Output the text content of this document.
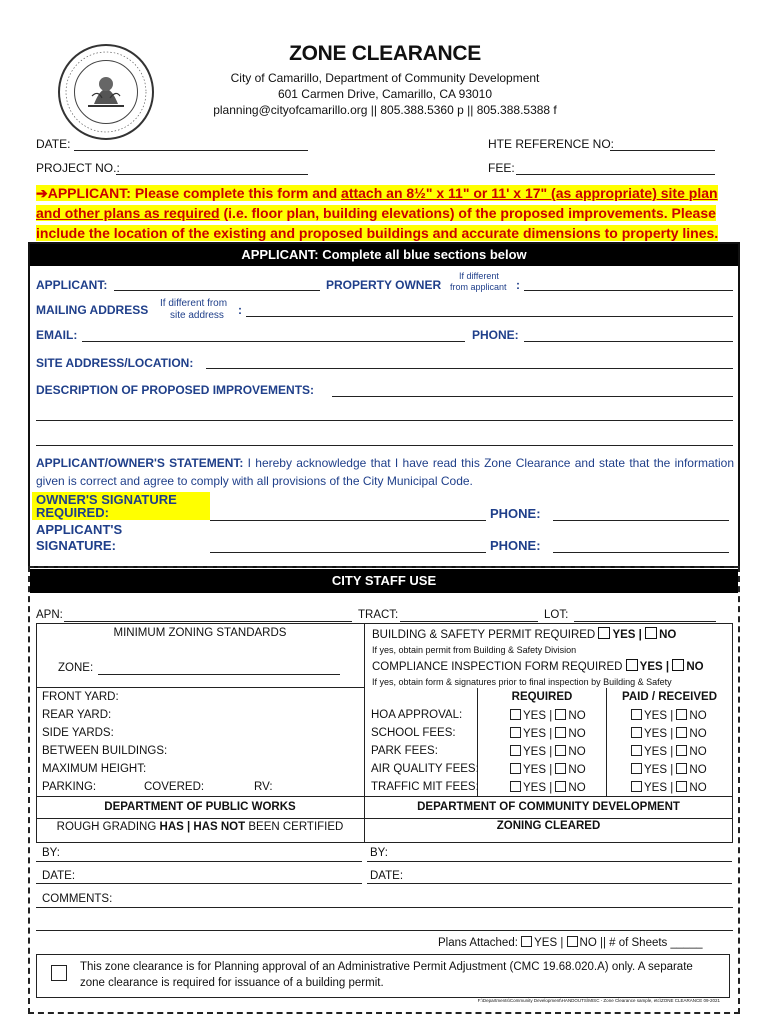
ZONE CLEARANCE
City of Camarillo, Department of Community Development
601 Carmen Drive, Camarillo, CA 93010
planning@cityofcamarillo.org || 805.388.5360 p || 805.388.5388 f
DATE:	HTE REFERENCE NO:
PROJECT NO.:	FEE:
➔APPLICANT: Please complete this form and attach an 8½" x 11" or 11' x 17" (as appropriate) site plan and other plans as required (i.e. floor plan, building elevations) of the proposed improvements. Please include the location of the existing and proposed buildings and accurate dimensions to property lines.
APPLICANT: Complete all blue sections below
APPLICANT:	PROPERTY OWNER
If different
from applicant :
MAILING ADDRESS If different from
site address :
EMAIL:	PHONE:
SITE ADDRESS/LOCATION:
DESCRIPTION OF PROPOSED IMPROVEMENTS:
APPLICANT/OWNER'S STATEMENT: I hereby acknowledge that I have read this Zone Clearance and state that the information given is correct and agree to comply with all provisions of the City Municipal Code.
OWNER'S SIGNATURE REQUIRED:	PHONE:
APPLICANT'S SIGNATURE:	PHONE:
CITY STAFF USE
APN:	TRACT:	LOT:
MINIMUM ZONING STANDARDS	BUILDING & SAFETY PERMIT REQUIRED YES | NO
If yes, obtain permit from Building & Safety Division
ZONE:	COMPLIANCE INSPECTION FORM REQUIRED YES | NO
If yes, obtain form & signatures prior to final inspection by Building & Safety
REQUIRED	PAID / RECEIVED
FRONT YARD:
REAR YARD:
SIDE YARDS:
BETWEEN BUILDINGS:
MAXIMUM HEIGHT:
HOA APPROVAL:	YES | NO	YES | NO
SCHOOL FEES:	YES | NO	YES | NO
PARK FEES:	YES | NO	YES | NO
AIR QUALITY FEES:	YES | NO	YES | NO
TRAFFIC MIT FEES:	YES | NO	YES | NO
PARKING:	COVERED:	RV:
DEPARTMENT OF PUBLIC WORKS	DEPARTMENT OF COMMUNITY DEVELOPMENT
ROUGH GRADING HAS | HAS NOT BEEN CERTIFIED	ZONING CLEARED
BY:	BY:
DATE:	DATE:
COMMENTS:
Plans Attached: YES | NO || # of Sheets _____
This zone clearance is for Planning approval of an Administrative Permit Adjustment (CMC 19.68.020.A) only. A separate zone clearance is required for issuance of a building permit.
F:\Departments\Community Development\HANDOUTS\MISC - Zone Clearance sample, etc\ZONE CLEARANCE 09-2021
